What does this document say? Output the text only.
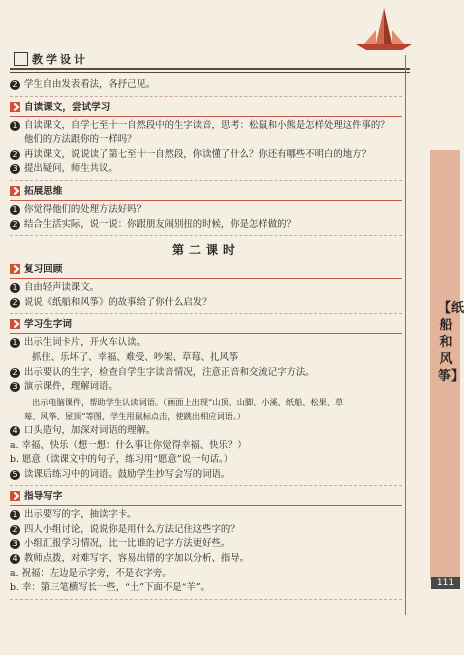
教学设计
【纸船和风筝】
111
2 学生自由发表看法，各抒己见。
自读课文，尝试学习
1 自读课文，自学七至十一自然段中的生字读音，思考：松鼠和小熊是怎样处理这件事的？
他们的方法跟你的一样吗？
2 再读课文，说说读了第七至十一自然段，你读懂了什么？你还有哪些不明白的地方？
3 提出疑问，师生共议。
拓展思维
1 你觉得他们的处理方法好吗？
2 结合生活实际，说一说：你跟朋友闹别扭的时候，你是怎样做的？
第二课时
复习回顾
1 自由轻声读课文。
2 说说《纸船和风筝》的故事给了你什么启发？
学习生字词
1 出示生词卡片，开火车认读。
抓住、乐坏了、幸福、难受、吵架、草莓、扎风筝
2 出示要认的生字，检查自学生字读音情况，注意正音和交流记字方法。
3 演示课件，理解词语。
出示电脑课件，帮助学生认读词语。（画面上出现“山顶、山脚、小溪、纸船、松果、草
莓、风筝、屋顶”等图，学生用鼠标点击，使跳出相应词语。）
4 口头造句，加深对词语的理解。
a. 幸福、快乐（想一想：什么事让你觉得幸福、快乐？）
b. 愿意（读课文中的句子，练习用“愿意”说一句话。）
5 读课后练习中的词语。鼓励学生抄写会写的词语。
指导写字
1 出示要写的字，抽读字卡。
2 四人小组讨论，说说你是用什么方法记住这些字的？
3 小组汇报学习情况，比一比谁的记字方法更好些。
4 教师点拨，对难写字、容易出错的字加以分析、指导。
a. 祝福：左边是示字旁，不是衣字旁。
b. 幸：第三笔横写长一些，“土”下面不是“羊”。
